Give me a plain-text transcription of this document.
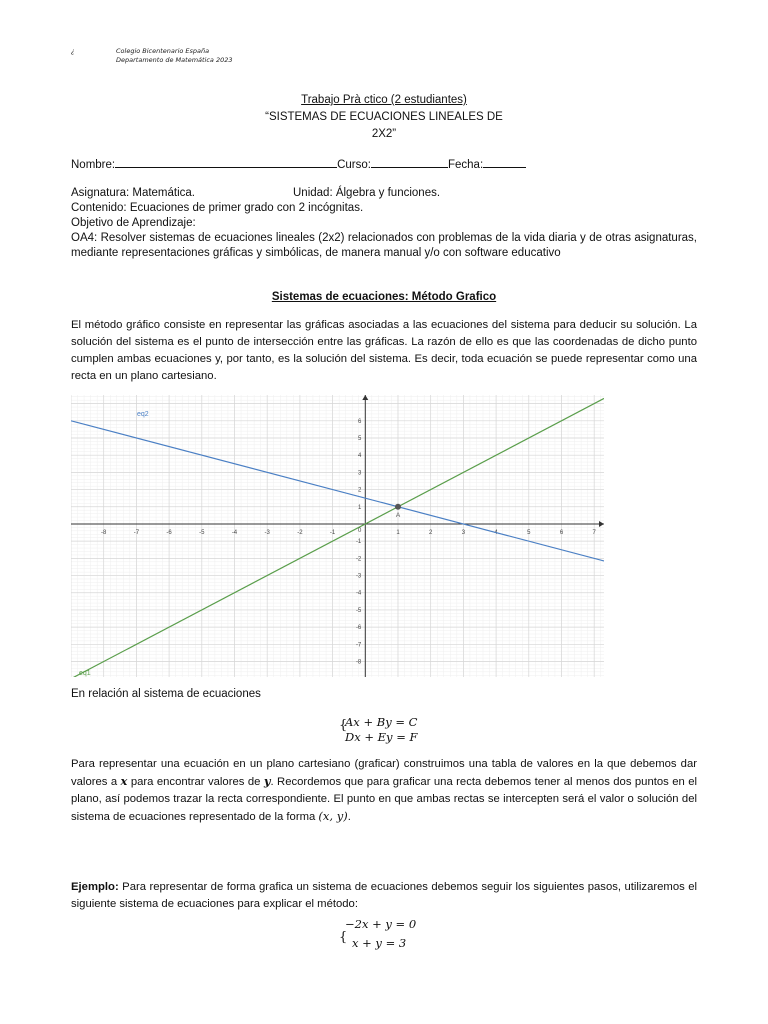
¿	Colegio Bicentenario España
Departamento de Matemática 2023
Trabajo Prà ctico (2 estudiantes)
“SISTEMAS DE ECUACIONES LINEALES DE
2X2”
Nombre:	Curso:	Fecha:
Asignatura: Matemática.	Unidad: Álgebra y funciones.
Contenido: Ecuaciones de primer grado con 2 incógnitas.
Objetivo de Aprendizaje:
OA4: Resolver sistemas de ecuaciones lineales (2x2) relacionados con problemas de la vida diaria y de otras asignaturas, mediante representaciones gráficas y simbólicas, de manera manual y/o con software educativo
Sistemas de ecuaciones: Método Grafico
El método gráfico consiste en representar las gráficas asociadas a las ecuaciones del sistema para deducir su solución. La solución del sistema es el punto de intersección entre las gráficas. La razón de ello es que las coordenadas de dicho punto cumplen ambas ecuaciones y, por tanto, es la solución del sistema. Es decir, toda ecuación se puede representar como una recta en un plano cartesiano.
-8	-7	-6	-5	-4	-3	-2	-1	1	2	3	5	6	7
-8
-7
-6
-5
-4
-3
-2
-1
1
2
3
4
5
6
0
eq2
eq1
A
En relación al sistema de ecuaciones
{
Ax + By = C
Dx + Ey = F
Para representar una ecuación en un plano cartesiano (graficar) construimos una tabla de valores en la que debemos dar valores a x para encontrar valores de y. Recordemos que para graficar una recta debemos tener al menos dos puntos en el plano, así podemos trazar la recta correspondiente. El punto en que ambas rectas se intercepten será el valor o solución del sistema de ecuaciones representado de la forma (x, y).
Ejemplo: Para representar de forma grafica un sistema de ecuaciones debemos seguir los siguientes pasos, utilizaremos el siguiente sistema de ecuaciones para explicar el método:
{
−2x + y = 0
x + y = 3
